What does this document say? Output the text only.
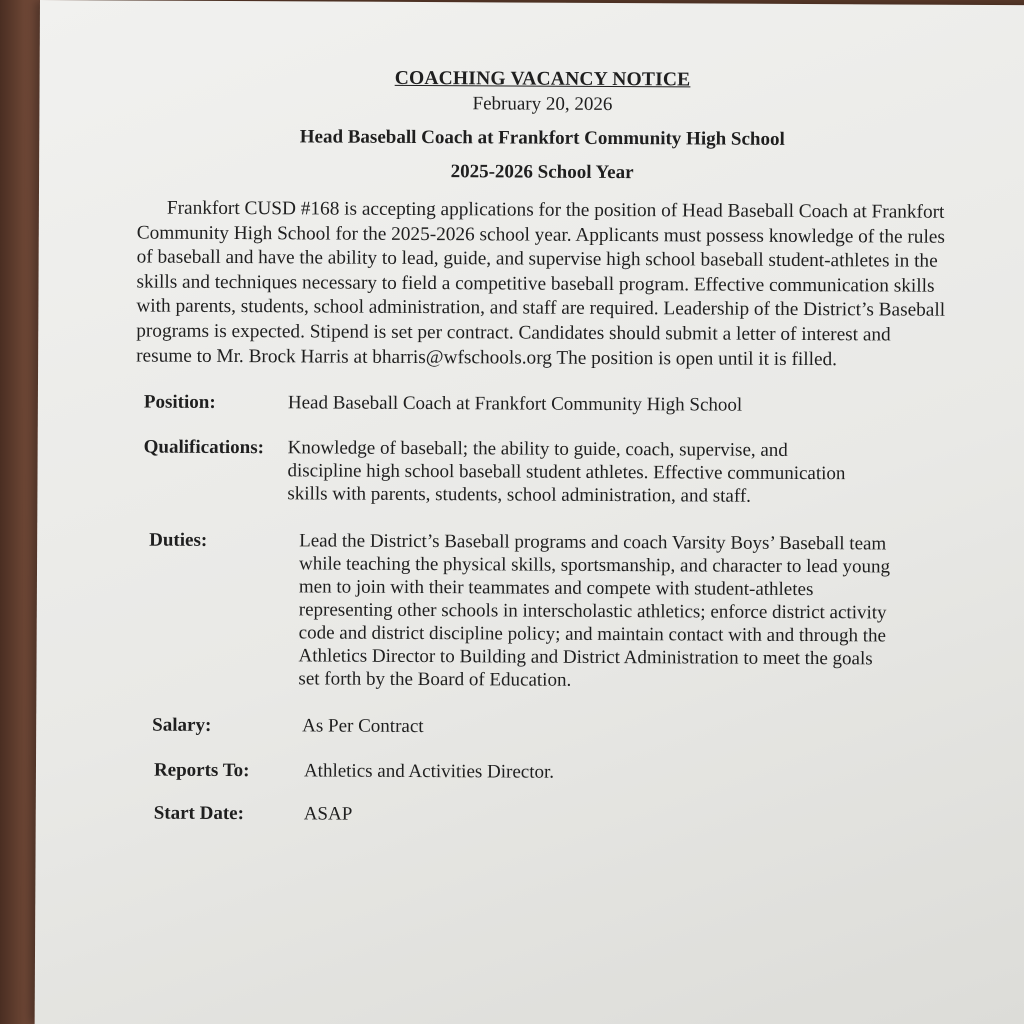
COACHING VACANCY NOTICE

February 20, 2026

Head Baseball Coach at Frankfort Community High School

2025-2026 School Year

Frankfort CUSD #168 is accepting applications for the position of Head Baseball Coach at Frankfort Community High School for the 2025-2026 school year. Applicants must possess knowledge of the rules of baseball and have the ability to lead, guide, and supervise high school baseball student-athletes in the skills and techniques necessary to field a competitive baseball program. Effective communication skills with parents, students, school administration, and staff are required. Leadership of the District’s Baseball programs is expected. Stipend is set per contract. Candidates should submit a letter of interest and resume to Mr. Brock Harris at bharris@wfschools.org The position is open until it is filled.

Position:	Head Baseball Coach at Frankfort Community High School
Qualifications:	Knowledge of baseball; the ability to guide, coach, supervise, and
discipline high school baseball student athletes. Effective communication
skills with parents, students, school administration, and staff.
Duties:	Lead the District’s Baseball programs and coach Varsity Boys’ Baseball team
while teaching the physical skills, sportsmanship, and character to lead young
men to join with their teammates and compete with student-athletes
representing other schools in interscholastic athletics; enforce district activity
code and district discipline policy; and maintain contact with and through the
Athletics Director to Building and District Administration to meet the goals
set forth by the Board of Education.
Salary:	As Per Contract
Reports To:	Athletics and Activities Director.
Start Date:	ASAP
